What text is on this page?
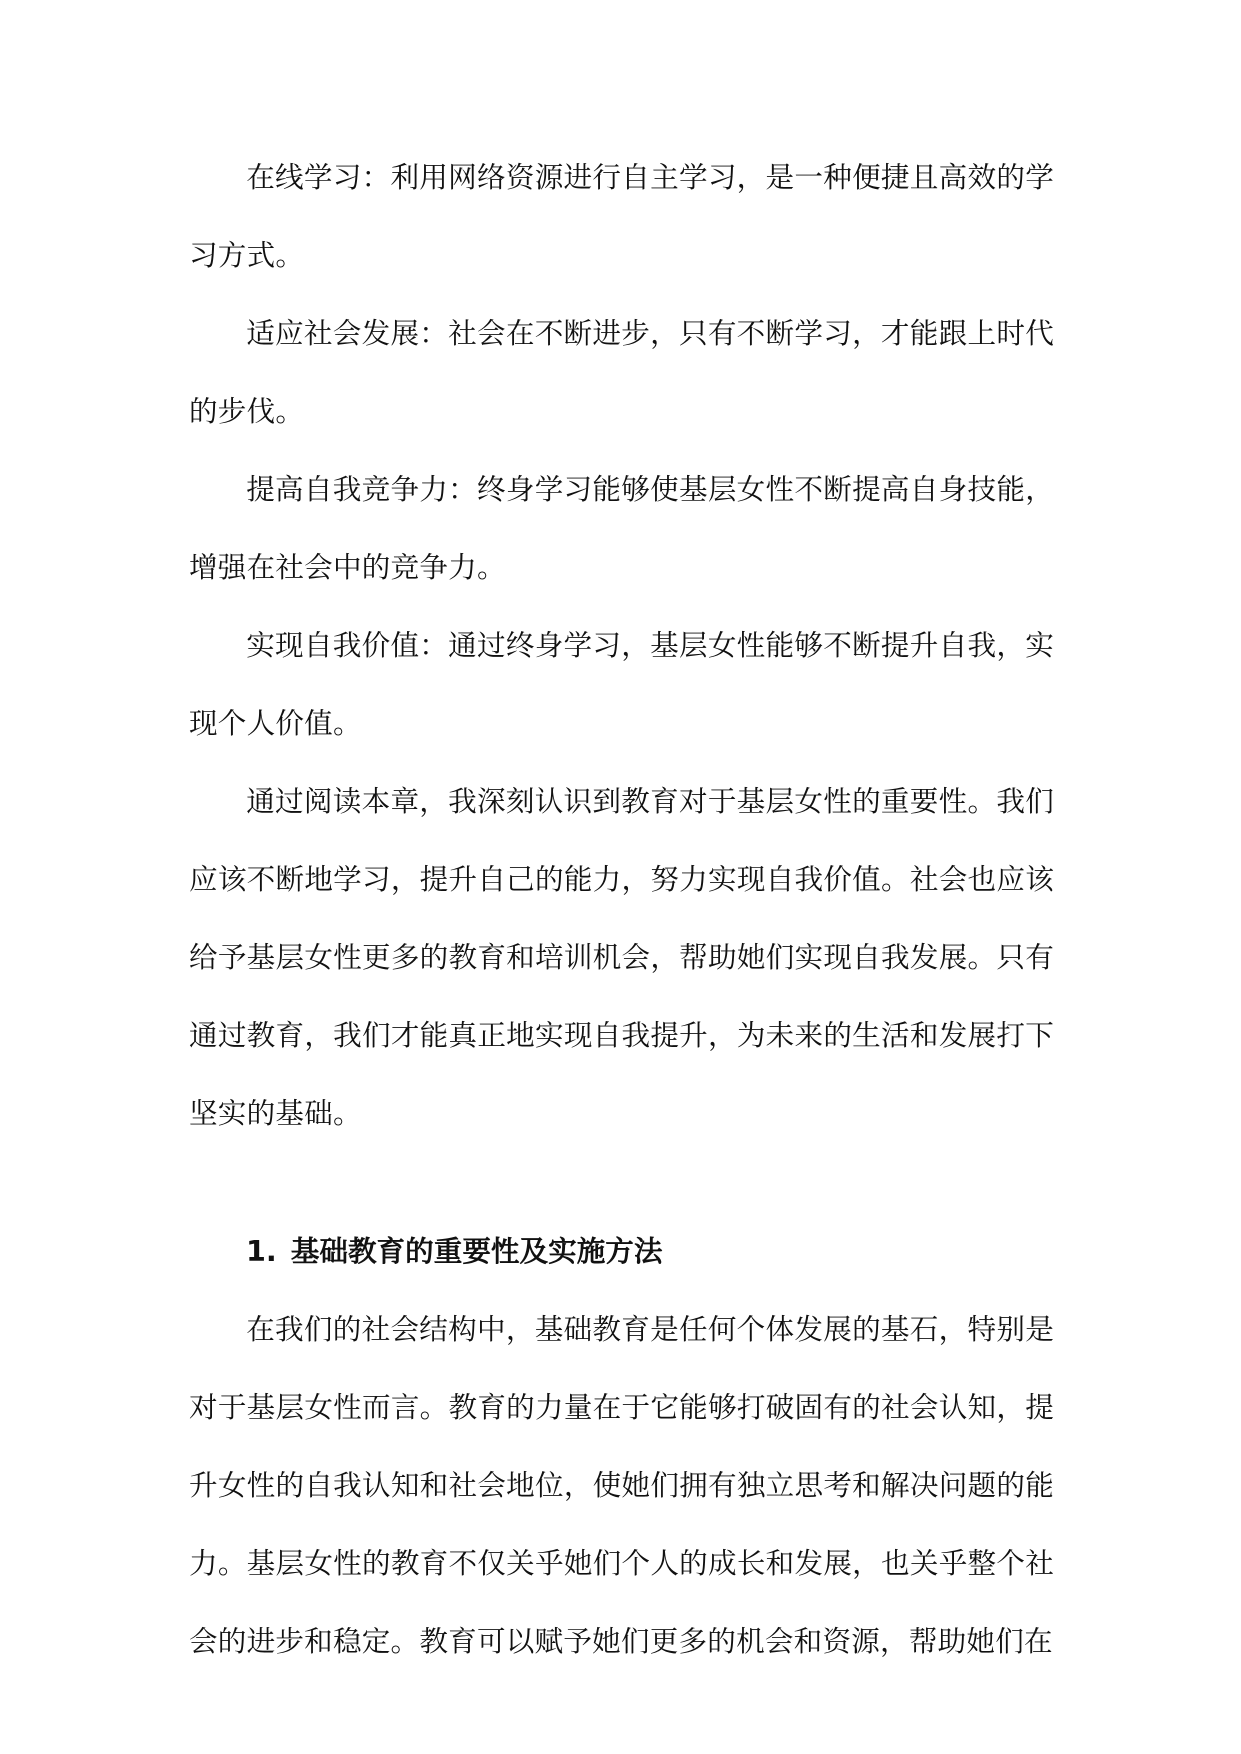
在线学习：利用网络资源进行自主学习，是一种便捷且高效的学习方式。

适应社会发展：社会在不断进步，只有不断学习，才能跟上时代的步伐。

提高自我竞争力：终身学习能够使基层女性不断提高自身技能，增强在社会中的竞争力。

实现自我价值：通过终身学习，基层女性能够不断提升自我，实现个人价值。

通过阅读本章，我深刻认识到教育对于基层女性的重要性。我们应该不断地学习，提升自己的能力，努力实现自我价值。社会也应该给予基层女性更多的教育和培训机会，帮助她们实现自我发展。只有通过教育，我们才能真正地实现自我提升，为未来的生活和发展打下坚实的基础。

1. 基础教育的重要性及实施方法

在我们的社会结构中，基础教育是任何个体发展的基石，特别是对于基层女性而言。教育的力量在于它能够打破固有的社会认知，提升女性的自我认知和社会地位，使她们拥有独立思考和解决问题的能力。基层女性的教育不仅关乎她们个人的成长和发展，也关乎整个社会的进步和稳定。教育可以赋予她们更多的机会和资源，帮助她们在
